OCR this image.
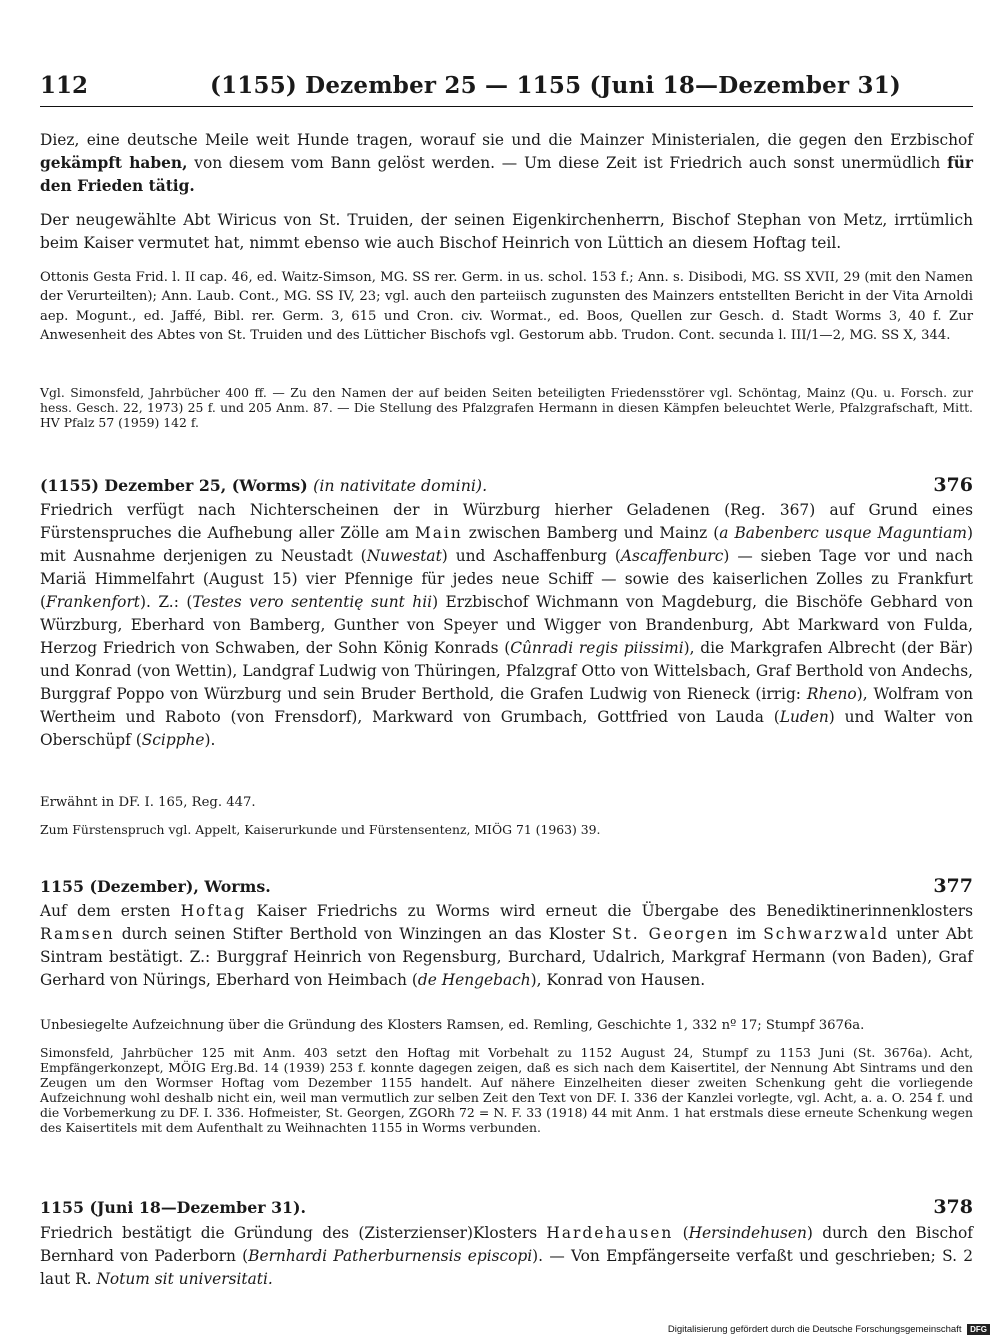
112	(1155) Dezember 25 — 1155 (Juni 18—Dezember 31)

Diez, eine deutsche Meile weit Hunde tragen, worauf sie und die Mainzer Ministerialen, die gegen den Erzbischof gekämpft haben, von diesem vom Bann gelöst werden. — Um diese Zeit ist Friedrich auch sonst unermüdlich für den Frieden tätig.

Der neugewählte Abt Wiricus von St. Truiden, der seinen Eigenkirchenherrn, Bischof Stephan von Metz, irrtümlich beim Kaiser vermutet hat, nimmt ebenso wie auch Bischof Heinrich von Lüttich an diesem Hoftag teil.

Ottonis Gesta Frid. l. II cap. 46, ed. Waitz-Simson, MG. SS rer. Germ. in us. schol. 153 f.; Ann. s. Disibodi, MG. SS XVII, 29 (mit den Namen der Verurteilten); Ann. Laub. Cont., MG. SS IV, 23; vgl. auch den parteiisch zugunsten des Mainzers entstellten Bericht in der Vita Arnoldi aep. Mogunt., ed. Jaffé, Bibl. rer. Germ. 3, 615 und Cron. civ. Wormat., ed. Boos, Quellen zur Gesch. d. Stadt Worms 3, 40 f. Zur Anwesenheit des Abtes von St. Truiden und des Lütticher Bischofs vgl. Gestorum abb. Trudon. Cont. secunda l. III/1—2, MG. SS X, 344.

Vgl. Simonsfeld, Jahrbücher 400 ff. — Zu den Namen der auf beiden Seiten beteiligten Friedensstörer vgl. Schöntag, Mainz (Qu. u. Forsch. zur hess. Gesch. 22, 1973) 25 f. und 205 Anm. 87. — Die Stellung des Pfalzgrafen Hermann in diesen Kämpfen beleuchtet Werle, Pfalzgrafschaft, Mitt. HV Pfalz 57 (1959) 142 f.

(1155) Dezember 25, (Worms) (in nativitate domini).	376

Friedrich verfügt nach Nichterscheinen der in Würzburg hierher Geladenen (Reg. 367) auf Grund eines Fürstenspruches die Aufhebung aller Zölle am Main zwischen Bamberg und Mainz (a Babenberc usque Maguntiam) mit Ausnahme derjenigen zu Neustadt (Nuwestat) und Aschaffenburg (Ascaffenburc) — sieben Tage vor und nach Mariä Himmelfahrt (August 15) vier Pfennige für jedes neue Schiff — sowie des kaiserlichen Zolles zu Frankfurt (Frankenfort). Z.: (Testes vero sententię sunt hii) Erzbischof Wichmann von Magdeburg, die Bischöfe Gebhard von Würzburg, Eberhard von Bamberg, Gunther von Speyer und Wigger von Brandenburg, Abt Markward von Fulda, Herzog Friedrich von Schwaben, der Sohn König Konrads (Cûnradi regis piissimi), die Markgrafen Albrecht (der Bär) und Konrad (von Wettin), Landgraf Ludwig von Thüringen, Pfalzgraf Otto von Wittelsbach, Graf Berthold von Andechs, Burggraf Poppo von Würzburg und sein Bruder Berthold, die Grafen Ludwig von Rieneck (irrig: Rheno), Wolfram von Wertheim und Raboto (von Frensdorf), Markward von Grumbach, Gottfried von Lauda (Luden) und Walter von Oberschüpf (Scipphe).

Erwähnt in DF. I. 165, Reg. 447.

Zum Fürstenspruch vgl. Appelt, Kaiserurkunde und Fürstensentenz, MIÖG 71 (1963) 39.

1155 (Dezember), Worms.	377

Auf dem ersten Hoftag Kaiser Friedrichs zu Worms wird erneut die Übergabe des Benediktinerinnenklosters Ramsen durch seinen Stifter Berthold von Winzingen an das Kloster St. Georgen im Schwarzwald unter Abt Sintram bestätigt. Z.: Burggraf Heinrich von Regensburg, Burchard, Udalrich, Markgraf Hermann (von Baden), Graf Gerhard von Nürings, Eberhard von Heimbach (de Hengebach), Konrad von Hausen.

Unbesiegelte Aufzeichnung über die Gründung des Klosters Ramsen, ed. Remling, Geschichte 1, 332 nº 17; Stumpf 3676a.

Simonsfeld, Jahrbücher 125 mit Anm. 403 setzt den Hoftag mit Vorbehalt zu 1152 August 24, Stumpf zu 1153 Juni (St. 3676a). Acht, Empfängerkonzept, MÖIG Erg.Bd. 14 (1939) 253 f. konnte dagegen zeigen, daß es sich nach dem Kaisertitel, der Nennung Abt Sintrams und den Zeugen um den Wormser Hoftag vom Dezember 1155 handelt. Auf nähere Einzelheiten dieser zweiten Schenkung geht die vorliegende Aufzeichnung wohl deshalb nicht ein, weil man vermutlich zur selben Zeit den Text von DF. I. 336 der Kanzlei vorlegte, vgl. Acht, a. a. O. 254 f. und die Vorbemerkung zu DF. I. 336. Hofmeister, St. Georgen, ZGORh 72 = N. F. 33 (1918) 44 mit Anm. 1 hat erstmals diese erneute Schenkung wegen des Kaisertitels mit dem Aufenthalt zu Weihnachten 1155 in Worms verbunden.

1155 (Juni 18—Dezember 31).	378

Friedrich bestätigt die Gründung des (Zisterzienser)Klosters Hardehausen (Hersindehusen) durch den Bischof Bernhard von Paderborn (Bernhardi Patherburnensis episcopi). — Von Empfängerseite verfaßt und geschrieben; S. 2 laut R. Notum sit universitati.

Digitalisierung gefördert durch die Deutsche Forschungsgemeinschaft DFG
